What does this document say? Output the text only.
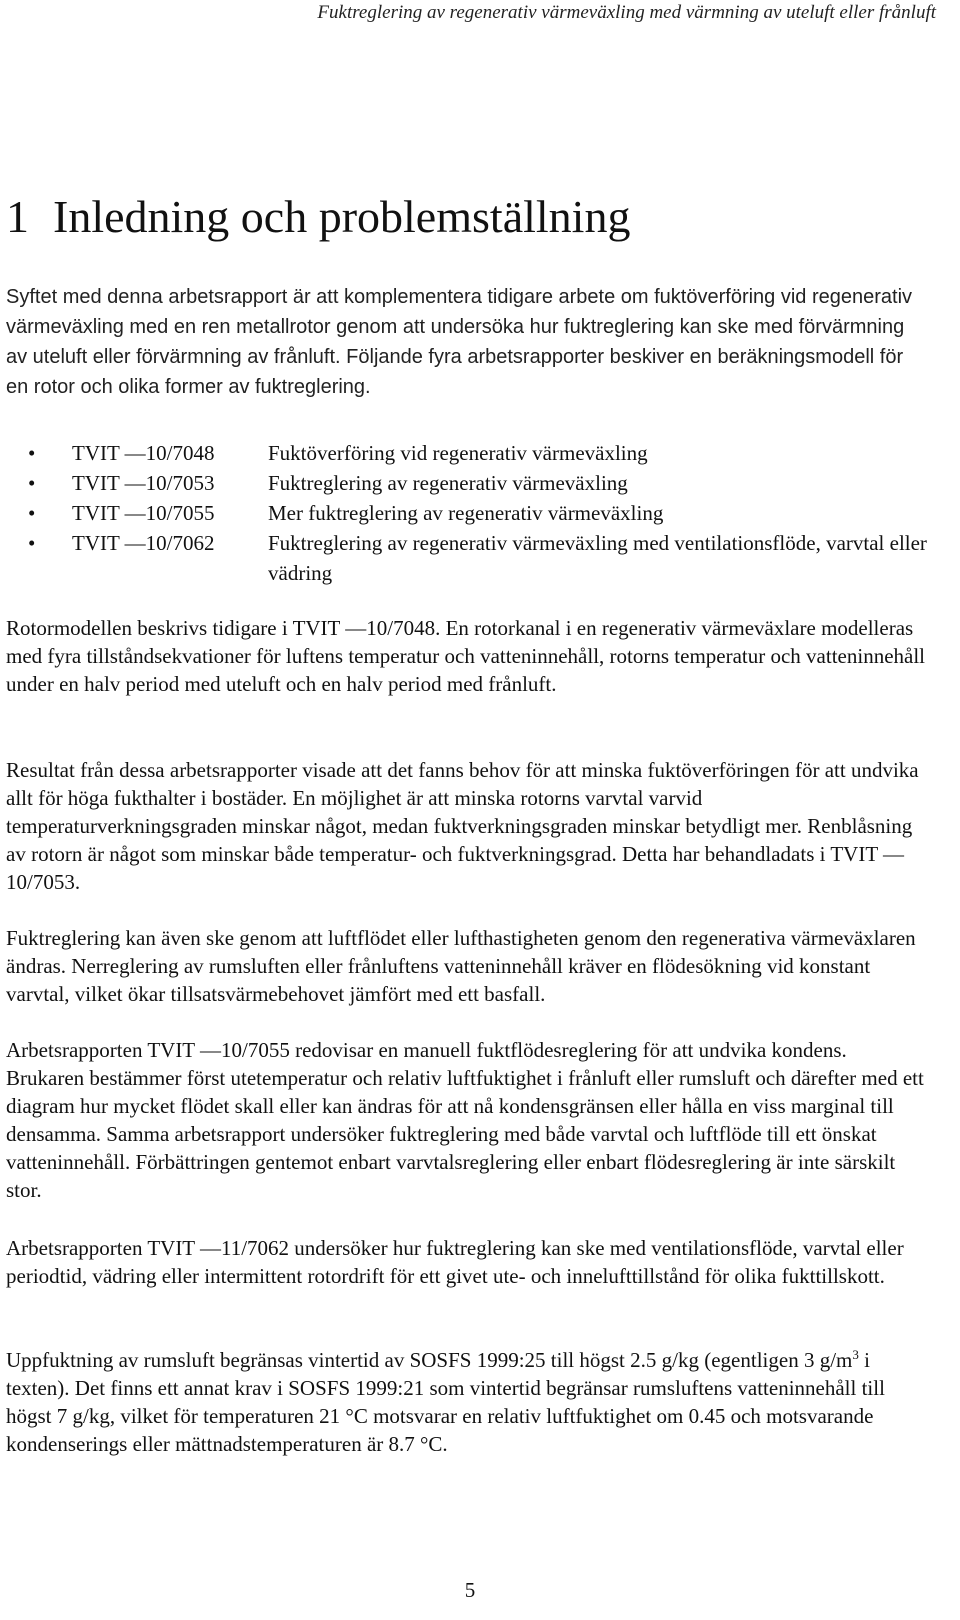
Fuktreglering av regenerativ värmeväxling med värmning av uteluft eller frånluft
1 Inledning och problemställning

Syftet med denna arbetsrapport är att komplementera tidigare arbete om fuktöverföring vid regenerativ värmeväxling med en ren metallrotor genom att undersöka hur fuktreglering kan ske med förvärmning av uteluft eller förvärmning av frånluft. Följande fyra arbetsrapporter beskiver en beräkningsmodell för en rotor och olika former av fuktreglering.

•	TVIT —10/7048	Fuktöverföring vid regenerativ värmeväxling
•	TVIT —10/7053	Fuktreglering av regenerativ värmeväxling
•	TVIT —10/7055	Mer fuktreglering av regenerativ värmeväxling
•	TVIT —10/7062	Fuktreglering av regenerativ värmeväxling med ventilationsflöde, varvtal eller vädring

Rotormodellen beskrivs tidigare i TVIT —10/7048. En rotorkanal i en regenerativ värmeväxlare modelleras med fyra tillståndsekvationer för luftens temperatur och vatteninnehåll, rotorns temperatur och vatteninnehåll under en halv period med uteluft och en halv period med frånluft.

Resultat från dessa arbetsrapporter visade att det fanns behov för att minska fuktöverföringen för att undvika allt för höga fukthalter i bostäder. En möjlighet är att minska rotorns varvtal varvid temperaturverkningsgraden minskar något, medan fuktverkningsgraden minskar betydligt mer. Renblåsning av rotorn är något som minskar både temperatur- och fuktverkningsgrad. Detta har behandladats i TVIT —10/7053.

Fuktreglering kan även ske genom att luftflödet eller lufthastigheten genom den regenerativa värmeväxlaren ändras. Nerreglering av rumsluften eller frånluftens vatteninnehåll kräver en flödesökning vid konstant varvtal, vilket ökar tillsatsvärmebehovet jämfört med ett basfall.

Arbetsrapporten TVIT —10/7055 redovisar en manuell fuktflödesreglering för att undvika kondens. Brukaren bestämmer först utetemperatur och relativ luftfuktighet i frånluft eller rumsluft och därefter med ett diagram hur mycket flödet skall eller kan ändras för att nå kondensgränsen eller hålla en viss marginal till densamma. Samma arbetsrapport undersöker fuktreglering med både varvtal och luftflöde till ett önskat vatteninnehåll. Förbättringen gentemot enbart varvtalsreglering eller enbart flödesreglering är inte särskilt stor.

Arbetsrapporten TVIT —11/7062 undersöker hur fuktreglering kan ske med ventilationsflöde, varvtal eller periodtid, vädring eller intermittent rotordrift för ett givet ute- och innelufttillstånd för olika fukttillskott.

Uppfuktning av rumsluft begränsas vintertid av SOSFS 1999:25 till högst 2.5 g/kg (egentligen 3 $g/m^3$ i texten). Det finns ett annat krav i SOSFS 1999:21 som vintertid begränsar rumsluftens vatteninnehåll till högst 7 g/kg, vilket för temperaturen 21 °C motsvarar en relativ luftfuktighet om 0.45 och motsvarande kondenserings eller mättnadstemperaturen är 8.7 °C.

5
